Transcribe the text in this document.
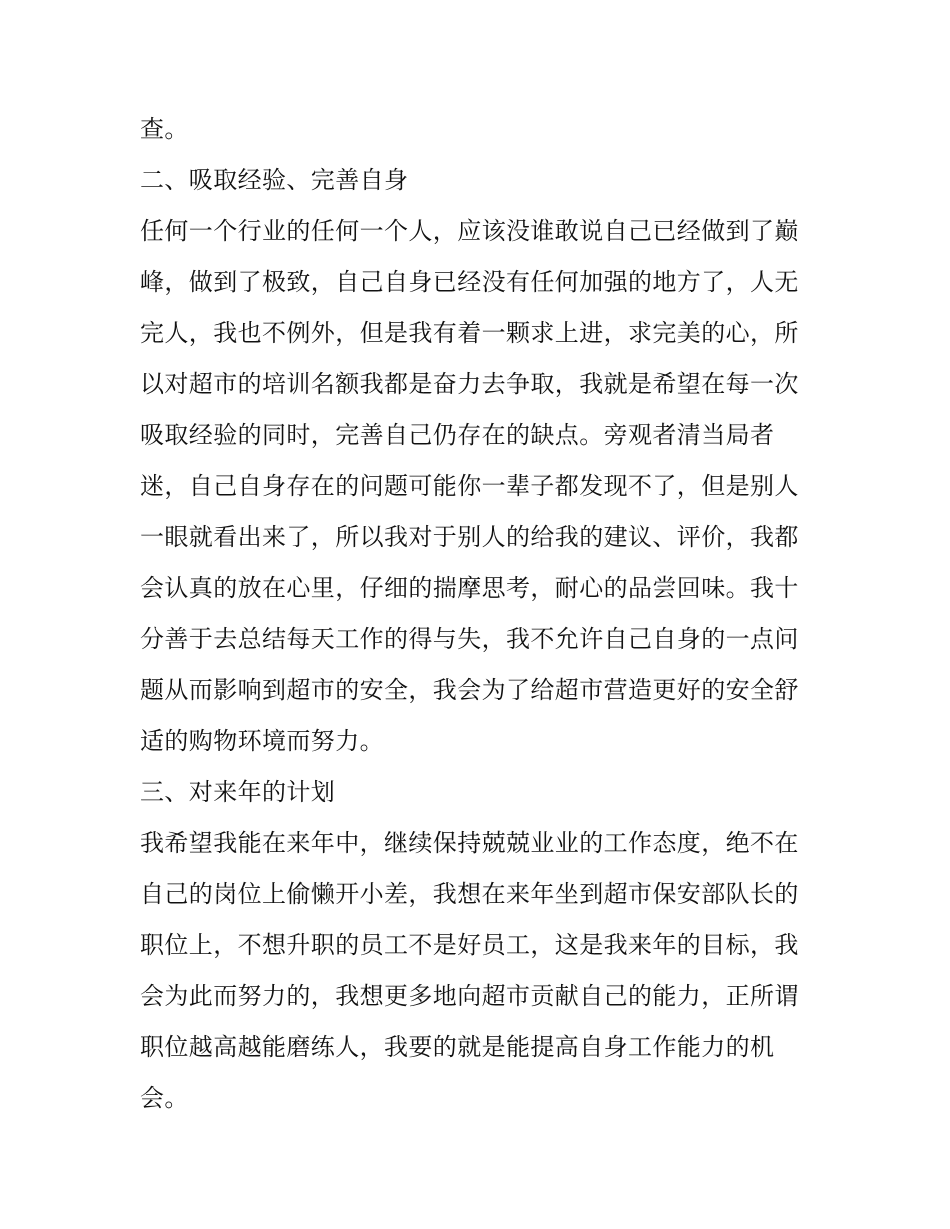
查。
二、吸取经验、完善自身
任何一个行业的任何一个人，应该没谁敢说自己已经做到了巅
峰，做到了极致，自己自身已经没有任何加强的地方了，人无
完人，我也不例外，但是我有着一颗求上进，求完美的心，所
以对超市的培训名额我都是奋力去争取，我就是希望在每一次
吸取经验的同时，完善自己仍存在的缺点。旁观者清当局者
迷，自己自身存在的问题可能你一辈子都发现不了，但是别人
一眼就看出来了，所以我对于别人的给我的建议、评价，我都
会认真的放在心里，仔细的揣摩思考，耐心的品尝回味。我十
分善于去总结每天工作的得与失，我不允许自己自身的一点问
题从而影响到超市的安全，我会为了给超市营造更好的安全舒
适的购物环境而努力。
三、对来年的计划
我希望我能在来年中，继续保持兢兢业业的工作态度，绝不在
自己的岗位上偷懒开小差，我想在来年坐到超市保安部队长的
职位上，不想升职的员工不是好员工，这是我来年的目标，我
会为此而努力的，我想更多地向超市贡献自己的能力，正所谓
职位越高越能磨练人，我要的就是能提高自身工作能力的机
会。
